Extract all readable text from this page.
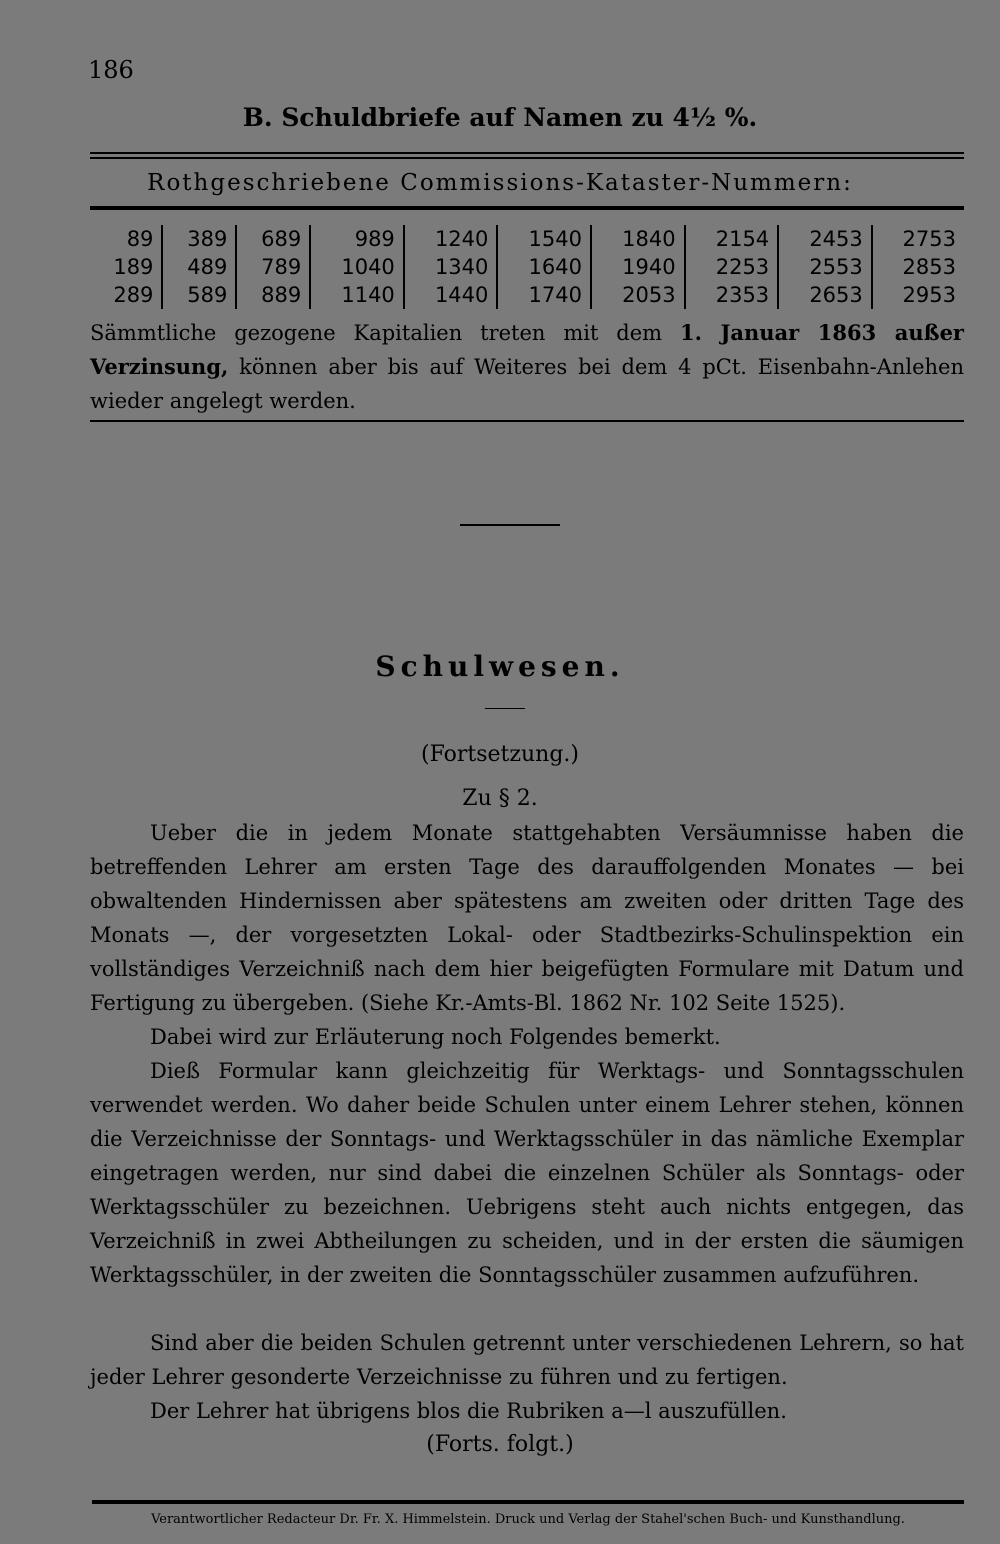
186
B. Schuldbriefe auf Namen zu 4½ %.
Rothgeschriebene Commissions-Kataster-Nummern:
89	389	689	989	1240	1540	1840	2154	2453	2753
189	489	789	1040	1340	1640	1940	2253	2553	2853
289	589	889	1140	1440	1740	2053	2353	2653	2953
Sämmtliche gezogene Kapitalien treten mit dem 1. Januar 1863 außer Verzinsung, können aber bis auf Weiteres bei dem 4 pCt. Eisenbahn-Anlehen wieder angelegt werden.
Schulwesen.
(Fortsetzung.)
Zu § 2.
Ueber die in jedem Monate stattgehabten Versäumnisse haben die betreffenden Lehrer am ersten Tage des darauffolgenden Monates — bei obwaltenden Hindernissen aber spätestens am zweiten oder dritten Tage des Monats —, der vorgesetzten Lokal- oder Stadtbezirks-Schulinspektion ein vollständiges Verzeichniß nach dem hier beigefügten Formulare mit Datum und Fertigung zu übergeben. (Siehe Kr.-Amts-Bl. 1862 Nr. 102 Seite 1525).
Dabei wird zur Erläuterung noch Folgendes bemerkt.
Dieß Formular kann gleichzeitig für Werktags- und Sonntagsschulen verwendet werden. Wo daher beide Schulen unter einem Lehrer stehen, können die Verzeichnisse der Sonntags- und Werktagsschüler in das nämliche Exemplar eingetragen werden, nur sind dabei die einzelnen Schüler als Sonntags- oder Werktagsschüler zu bezeichnen. Uebrigens steht auch nichts entgegen, das Verzeichniß in zwei Abtheilungen zu scheiden, und in der ersten die säumigen Werktagsschüler, in der zweiten die Sonntagsschüler zusammen aufzuführen.
Sind aber die beiden Schulen getrennt unter verschiedenen Lehrern, so hat jeder Lehrer gesonderte Verzeichnisse zu führen und zu fertigen.
Der Lehrer hat übrigens blos die Rubriken a—l auszufüllen.
(Forts. folgt.)
Verantwortlicher Redacteur Dr. Fr. X. Himmelstein. Druck und Verlag der Stahel'schen Buch- und Kunsthandlung.
